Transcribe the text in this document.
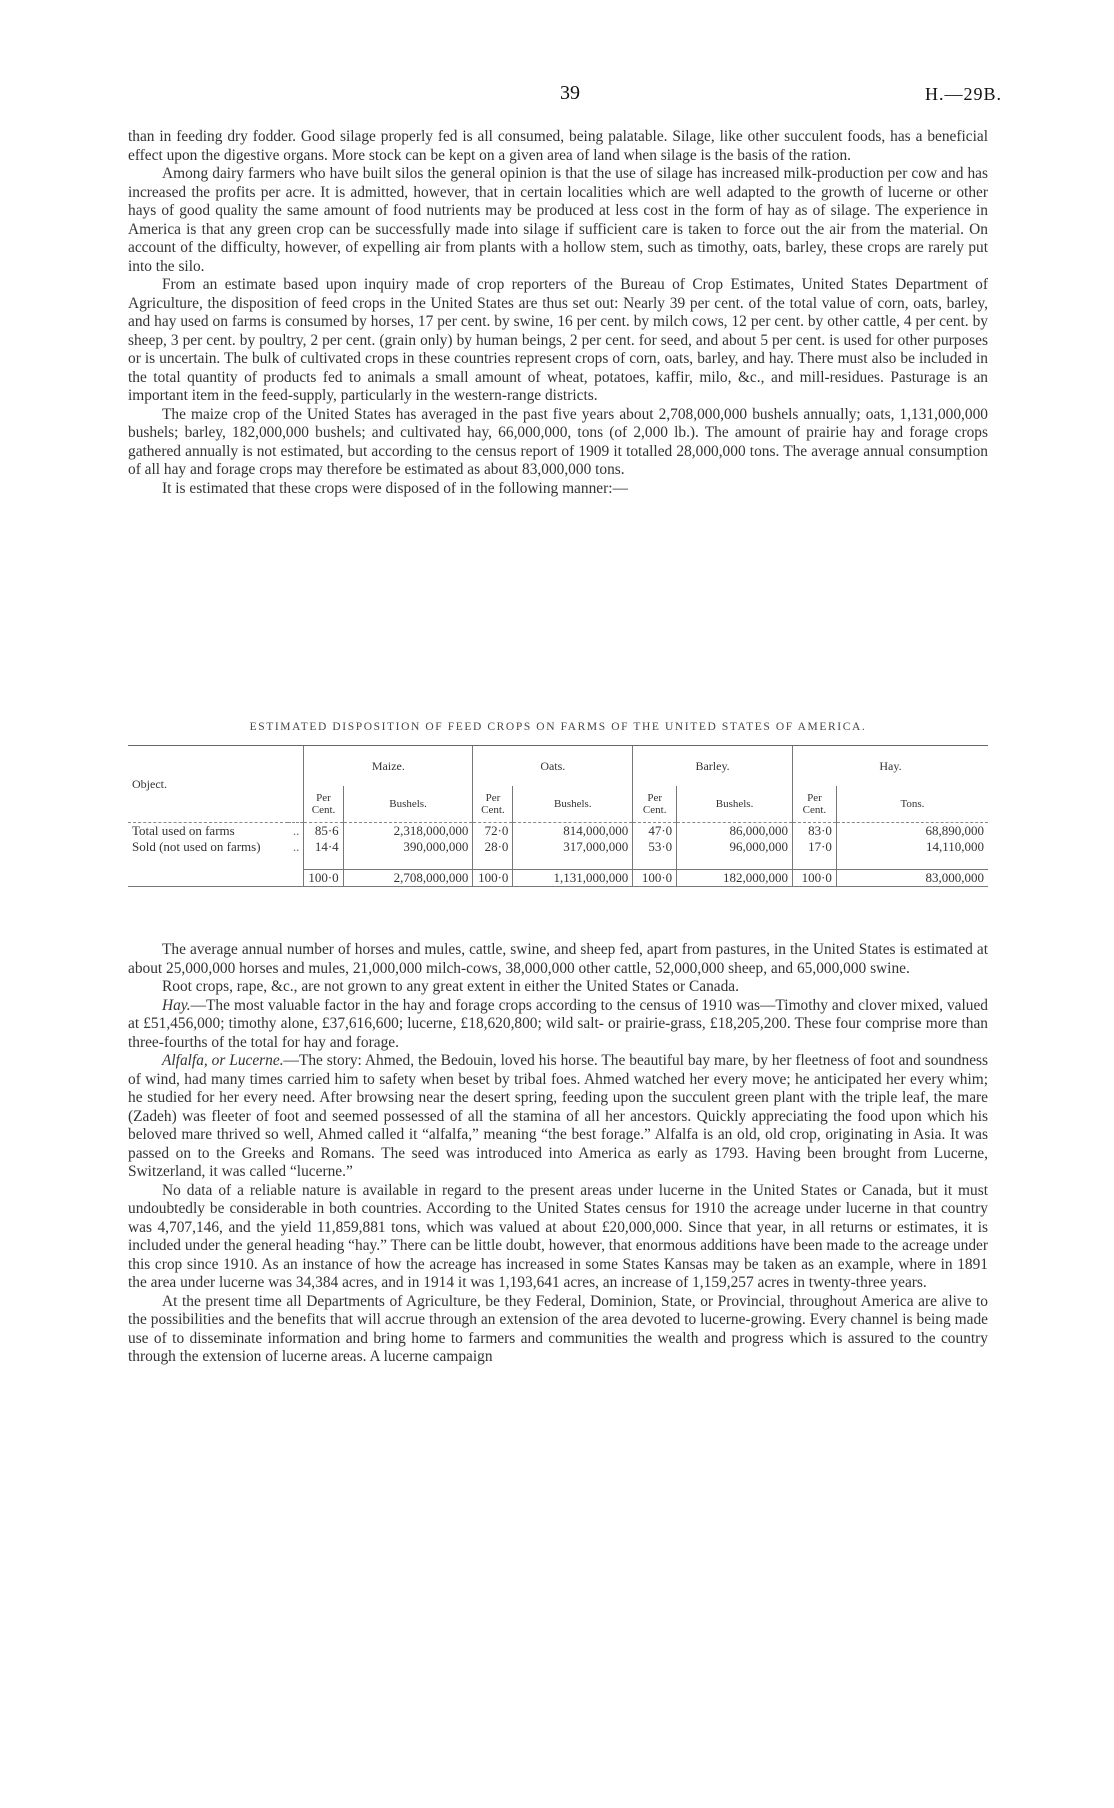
39	H.—29B.

than in feeding dry fodder. Good silage properly fed is all consumed, being palatable. Silage, like other succulent foods, has a beneficial effect upon the digestive organs. More stock can be kept on a given area of land when silage is the basis of the ration.

Among dairy farmers who have built silos the general opinion is that the use of silage has increased milk-production per cow and has increased the profits per acre. It is admitted, however, that in certain localities which are well adapted to the growth of lucerne or other hays of good quality the same amount of food nutrients may be produced at less cost in the form of hay as of silage. The experience in America is that any green crop can be successfully made into silage if sufficient care is taken to force out the air from the material. On account of the difficulty, however, of expelling air from plants with a hollow stem, such as timothy, oats, barley, these crops are rarely put into the silo.

From an estimate based upon inquiry made of crop reporters of the Bureau of Crop Estimates, United States Department of Agriculture, the disposition of feed crops in the United States are thus set out: Nearly 39 per cent. of the total value of corn, oats, barley, and hay used on farms is consumed by horses, 17 per cent. by swine, 16 per cent. by milch cows, 12 per cent. by other cattle, 4 per cent. by sheep, 3 per cent. by poultry, 2 per cent. (grain only) by human beings, 2 per cent. for seed, and about 5 per cent. is used for other purposes or is uncertain. The bulk of cultivated crops in these countries represent crops of corn, oats, barley, and hay. There must also be included in the total quantity of products fed to animals a small amount of wheat, potatoes, kaffir, milo, &c., and mill-residues. Pasturage is an important item in the feed-supply, particularly in the western-range districts.

The maize crop of the United States has averaged in the past five years about 2,708,000,000 bushels annually; oats, 1,131,000,000 bushels; barley, 182,000,000 bushels; and cultivated hay, 66,000,000, tons (of 2,000 lb.). The amount of prairie hay and forage crops gathered annually is not estimated, but according to the census report of 1909 it totalled 28,000,000 tons. The average annual consumption of all hay and forage crops may therefore be estimated as about 83,000,000 tons.

It is estimated that these crops were disposed of in the following manner:—

ESTIMATED DISPOSITION OF FEED CROPS ON FARMS OF THE UNITED STATES OF AMERICA.
Object.		Maize.		Oats.		Barley.		Hay.	
		Per Cent.	Bushels.	Per Cent.	Bushels.	Per Cent.	Bushels.	Per Cent.	Tons.
Total used on farms	..	85·6	2,318,000,000	72·0	814,000,000	47·0	86,000,000	83·0	68,890,000
Sold (not used on farms)	..	14·4	390,000,000	28·0	317,000,000	53·0	96,000,000	17·0	14,110,000
		100·0	2,708,000,000	100·0	1,131,000,000	100·0	182,000,000	100·0	83,000,000

The average annual number of horses and mules, cattle, swine, and sheep fed, apart from pastures, in the United States is estimated at about 25,000,000 horses and mules, 21,000,000 milch-cows, 38,000,000 other cattle, 52,000,000 sheep, and 65,000,000 swine.

Root crops, rape, &c., are not grown to any great extent in either the United States or Canada.

Hay.—The most valuable factor in the hay and forage crops according to the census of 1910 was—Timothy and clover mixed, valued at £51,456,000; timothy alone, £37,616,600; lucerne, £18,620,800; wild salt- or prairie-grass, £18,205,200. These four comprise more than three-fourths of the total for hay and forage.

Alfalfa, or Lucerne.—The story: Ahmed, the Bedouin, loved his horse. The beautiful bay mare, by her fleetness of foot and soundness of wind, had many times carried him to safety when beset by tribal foes. Ahmed watched her every move; he anticipated her every whim; he studied for her every need. After browsing near the desert spring, feeding upon the succulent green plant with the triple leaf, the mare (Zadeh) was fleeter of foot and seemed possessed of all the stamina of all her ancestors. Quickly appreciating the food upon which his beloved mare thrived so well, Ahmed called it “alfalfa,” meaning “the best forage.” Alfalfa is an old, old crop, originating in Asia. It was passed on to the Greeks and Romans. The seed was introduced into America as early as 1793. Having been brought from Lucerne, Switzerland, it was called “lucerne.”

No data of a reliable nature is available in regard to the present areas under lucerne in the United States or Canada, but it must undoubtedly be considerable in both countries. According to the United States census for 1910 the acreage under lucerne in that country was 4,707,146, and the yield 11,859,881 tons, which was valued at about £20,000,000. Since that year, in all returns or estimates, it is included under the general heading “hay.” There can be little doubt, however, that enormous additions have been made to the acreage under this crop since 1910. As an instance of how the acreage has increased in some States Kansas may be taken as an example, where in 1891 the area under lucerne was 34,384 acres, and in 1914 it was 1,193,641 acres, an increase of 1,159,257 acres in twenty-three years.

At the present time all Departments of Agriculture, be they Federal, Dominion, State, or Provincial, throughout America are alive to the possibilities and the benefits that will accrue through an extension of the area devoted to lucerne-growing. Every channel is being made use of to disseminate information and bring home to farmers and communities the wealth and progress which is assured to the country through the extension of lucerne areas. A lucerne campaign
